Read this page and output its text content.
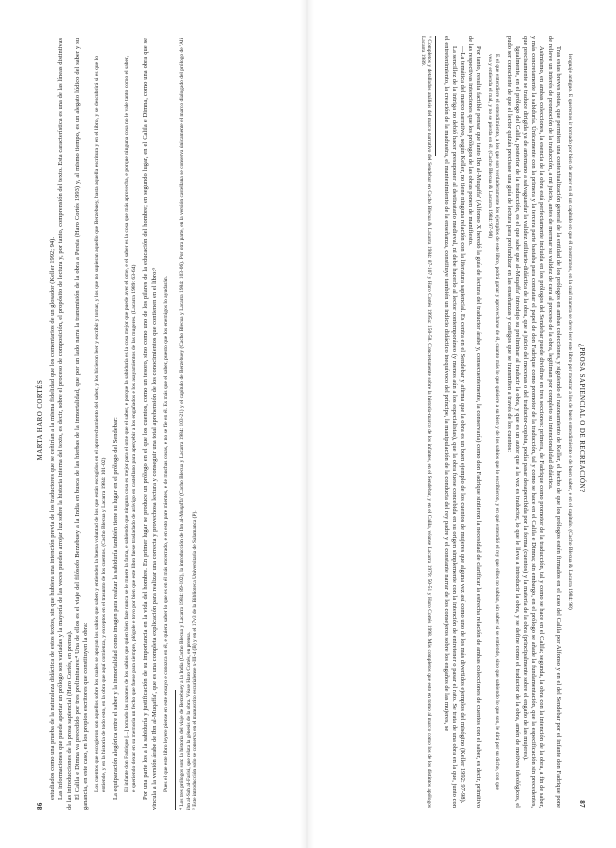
86
MARTA HARO CORTÉS estudiados como una prueba de la naturaleza didáctica de estos textos, sin que hubiera una intención previa de los traductores que se ceñirían a la misma fidelidad que los comentarios de un glosador (Keller 1992; 94). Las informaciones que puede aportar un prólogo son variadas y la mayoría de las veces pueden arrojar luz sobre la historia interna del texto, es decir, sobre el proceso de composición, el propósito de lectura y, por tanto, comprensión del texto. Esta característica es una de las líneas distintivas de las introducciones de la prosa sapiencial (Haro Cortés, en prensa). El Calila e Dimna va precedido por tres preliminares:⁴ Una de ellos es el viaje del filósofo Berzebuey a la India en busca de las hierbas de la inmortalidad, que por un lado narra la transmisión de la obra a Persia (Haro Cortés 1993) y, al mismo tiempo, es un alegato lúdico del saber y su ganancia, en este caso, en los propios escritores que constituyen la obra: Los cuentos que escogieron son aquellos sobre los cuales se apoyan los sabios que saben y entienden la buena voluntad de los que están escogidos en el aprovechamiento del saber, y los hicieron leer y escribir y tomar, y los que no supieran aquello que Berzebuey, hasta aquella escritura y en el libro, y se descubrirá si es que lo entiende, y en la historia de todo esto, en la obra que aquí comienza, y exceptos en el trasunto de los cuentos. (Cacho Blecua y Lacarra 1984: 101-02) La equiparación alegórica entre el saber y la inmortalidad como imagen para realzar la sabiduría también tiene su lugar en el prólogo del Sendebar: El infante don Fadrique [...] tomado las razones de los sabios que quien bien faze nunca se le muere la fama, e sabiendo que ninguna cosa es mejor para el ome que el saber, e porque la sabiduría es la cosa mejor que puede aver el ome, e el saber es la cosa que más aprovecha, e porque ninguna cosa no le vale tanto como el saber, e queriendo dexar en su memoria un fecho que fuese para siempre, plógole e tovo por bien que este libro fuese trasladado de arávigo en castellano para aperçebir a los engañados e los asayamientos de las mugeres. (Lacarra 1989: 63-64) Por una parte los a la sabiduría y justificación de su importancia en la vida del hombre. En primer lugar se produce un prólogo en el que los cuentos, como un tesoro, sino como uno de los pilares de la educación del hombre; en segundo lugar, en el Calila e Dimna, como una obra que se vincula a la versión árabe de Ibn al-Muqaffa', que es una completa explicación para realizar una correcta y provechosa lectura y conseguir una total aprehensión de los conocimientos que contienen en el libro:⁵ Pues el que este libro leyere piense en este ensayo e conozca en él, e quiera saber lo que es en él más encerrado, e en esto pare mientes, e de muchas cosas, e no se fíe en él. Es más que el saber, puesto que los enemigos lo ayudarán. ⁴ Los tres prólogos son: la historia del viaje de Berzebuey a la India (Cacho Blecua y Lacarra 1984: 89-102), la introducción de Ibn al-Muqaffa' (Cacho Blecua y Lacarra 1984: 103-21) y el capítulo de Berzebuey (Cacho Blecua y Lacarra 1984: 103-06). Por otra parte, en la versión castellana se conserva únicamente el marco dialogado del prólogo de 'Ali ibn al-Sah al-Farisi, que relata la génesis de la obra. Véase Haro Cortés, en prensa. ⁵ Este introducción solo se conserva en el manuscrito escurialense x-III-4 (B) y en el 17v3 de la Biblioteca Universitaria de Salamanca (P).

¿PROSA SAPIENCIAL O DE RECREACIÓN?
87

lenguaje antiguo. E queremos ir tornado por bien de atraer en él un capítulo en que él mostramos, en la cual manera se deve leer este libro por mostrar a los de buen entendimiento e de buen saber, e en el capítulo. (Cacho Blecua & Lacarra 1984: 98)

Tras estas breves notas, que permiten una contextualización general de la entidad de los prólogos en ambas colecciones, y siguiendo el razonamiento de Keller, el hecho de que los prólogos estén firmados en el caso del Calila por Alfonso y en el del Sendebar por el infante don Fadrique pone de relieve un interés de promoción de la traducción, a mi juicio, antes de mermar su validez de cara al proceso de la obra, legitiman por completo su intencionalidad didáctica.

Asimismo, en ambas colecciones, la esencia de la obra está perfectamente incluida en los prólogos del Sendebar puede dividirse en tres secciones: primera, de Fadrique como promotor de la traducción, tal y como se hace en el Calila; segunda, la obra con la intención de la obra, a fin de saber, y más concretamente la sabiduría. Únicamente con la primera y la tercera parte bastaba para constatar el papel de don Fadrique como promotor de la traducción, tal y como se hace en el Calila e Dimna; sin embargo, en el prólogo se añade la fundamentación, que la especificación sin precedentes, que precisamente se traduce dirigida ya de antemano a salvaguardar la validez utilitario-didáctica de la obra, que a juicio del mecenas o del traductor-copista, podía pasar desapercibida por la forma (cuentos) y la materia de la obra (principalmente sobre el engaño de las mujeres).

Igualmente, en el prólogo del Calila, posterior de la traducción, es el que sabe que al-Muqaffa' introdujo su preliminar al traducir la obra, y que es un autor que a la vez es traductor, lo que le lleva a introducir la obra, y se define como el traductor de la obra, amén de motivos ideológicos, el pudo ser consciente de que el lector quizás precisase una guía de lectura para profundizar en las enseñanzas y castigos que se transmiten a través de los cuentos:

E el que entendiere el entendimiento, a los que son verdaderamente los ejemplos de este libro, podrá ganar y aprovecharse de él, cuanto más lo que quisiere a su bien y de los sabios que lo escribieron, y en qué entendió el rey que ellos no sabían, sin saber si se entiende, sino que sabiendo lo que son, le dirá por su dicho, con que vea y entienda el mal, y no se pierda en él. (Cacho Blecua & Lacarra 1984: 97-98)

Por tanto, resulta factible pensar que tanto Ibn al-Muqaffa' (Alfonso X heredó la guía de lectura del traductor árabe y, consecuentemente, la conservaría) como don Fadrique sintieron la necesidad de clarificar la estrecha relación de ambas colecciones de cuentos con el saber, es decir, primitivo de las respectivas intenciones que los prólogos de las obras ponen de manifiesto.

—La temática del marco narrativo, según Keller, no tiene ninguna relación con la literatura sapiencial. Es centra en el Sendebar y afirma que la obra es un buen ejemplo de los cuentos de mujeres que alguna vez así como uno de los más divertidos ejemplos del misógino (Keller 1992: 97-98).

La sencillez de la intriga no debió hacer presuponer al destinatario medieval, ni debe hacerlo al lector contemporáneo (y menos aún a los especialistas), que la obra fuese concebida en su origen simplemente con la intención de entretener o pasar el rato. Se trata de una obra en la que, junto con el entretenimiento, la creación de la madrastra, el mantenimiento de la enseñanza, constituye también un indicio didáctico inequívoco del príncipe, la manipulación de la conducta del rey padre y el constante narrar de los consejeros sobre los engaños de las mujeres, se

⁶ Completos y detallados análisis del marco narrativo del Sendebar en Cacho Blecua & Lacarra 1984: 87-107 y Haro Cortés 1995a: 150-58. Concretamente sobre la historia-marco de los infantes, en el Sendebar, y en el Calila, véanse Lacarra 1979: 50-51 y Haro Cortés 1998. Más completos que esto en torno al marco como los de los distintos apólogos Lacarra 1989.
